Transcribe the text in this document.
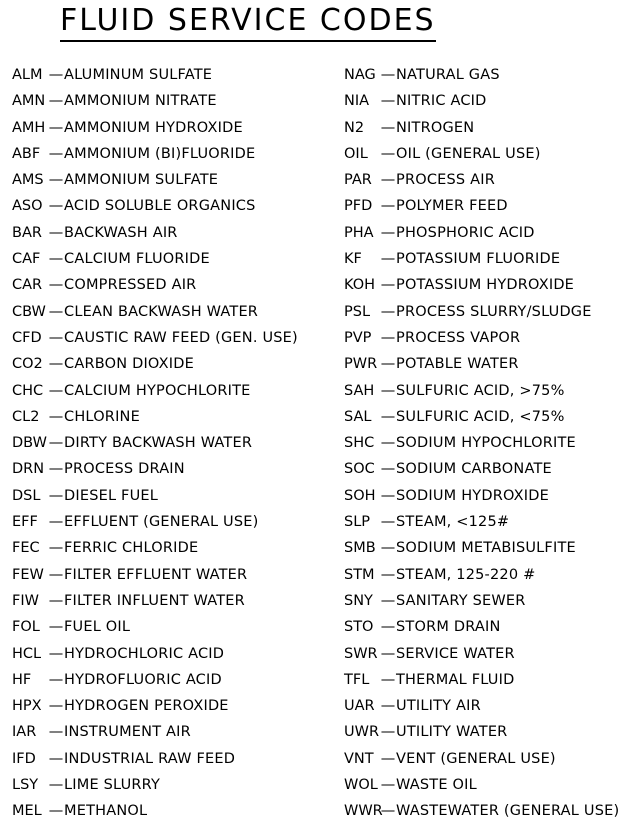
FLUID SERVICE CODES
ALM —ALUMINUM SULFATE
AMN —AMMONIUM NITRATE
AMH —AMMONIUM HYDROXIDE
ABF —AMMONIUM (BI)FLUORIDE
AMS —AMMONIUM SULFATE
ASO —ACID SOLUBLE ORGANICS
BAR —BACKWASH AIR
CAF —CALCIUM FLUORIDE
CAR —COMPRESSED AIR
CBW —CLEAN BACKWASH WATER
CFD —CAUSTIC RAW FEED (GEN. USE)
CO2 —CARBON DIOXIDE
CHC —CALCIUM HYPOCHLORITE
CL2 —CHLORINE
DBW —DIRTY BACKWASH WATER
DRN —PROCESS DRAIN
DSL —DIESEL FUEL
EFF —EFFLUENT (GENERAL USE)
FEC —FERRIC CHLORIDE
FEW —FILTER EFFLUENT WATER
FIW —FILTER INFLUENT WATER
FOL —FUEL OIL
HCL —HYDROCHLORIC ACID
HF —HYDROFLUORIC ACID
HPX —HYDROGEN PEROXIDE
IAR —INSTRUMENT AIR
IFD —INDUSTRIAL RAW FEED
LSY —LIME SLURRY
MEL —METHANOL
NAG —NATURAL GAS
NIA —NITRIC ACID
N2 —NITROGEN
OIL —OIL (GENERAL USE)
PAR —PROCESS AIR
PFD —POLYMER FEED
PHA —PHOSPHORIC ACID
KF —POTASSIUM FLUORIDE
KOH —POTASSIUM HYDROXIDE
PSL —PROCESS SLURRY/SLUDGE
PVP —PROCESS VAPOR
PWR —POTABLE WATER
SAH —SULFURIC ACID, >75%
SAL —SULFURIC ACID, <75%
SHC —SODIUM HYPOCHLORITE
SOC —SODIUM CARBONATE
SOH —SODIUM HYDROXIDE
SLP —STEAM, <125#
SMB —SODIUM METABISULFITE
STM —STEAM, 125-220 #
SNY —SANITARY SEWER
STO —STORM DRAIN
SWR —SERVICE WATER
TFL —THERMAL FLUID
UAR —UTILITY AIR
UWR —UTILITY WATER
VNT —VENT (GENERAL USE)
WOL —WASTE OIL
WWR—WASTEWATER (GENERAL USE)
